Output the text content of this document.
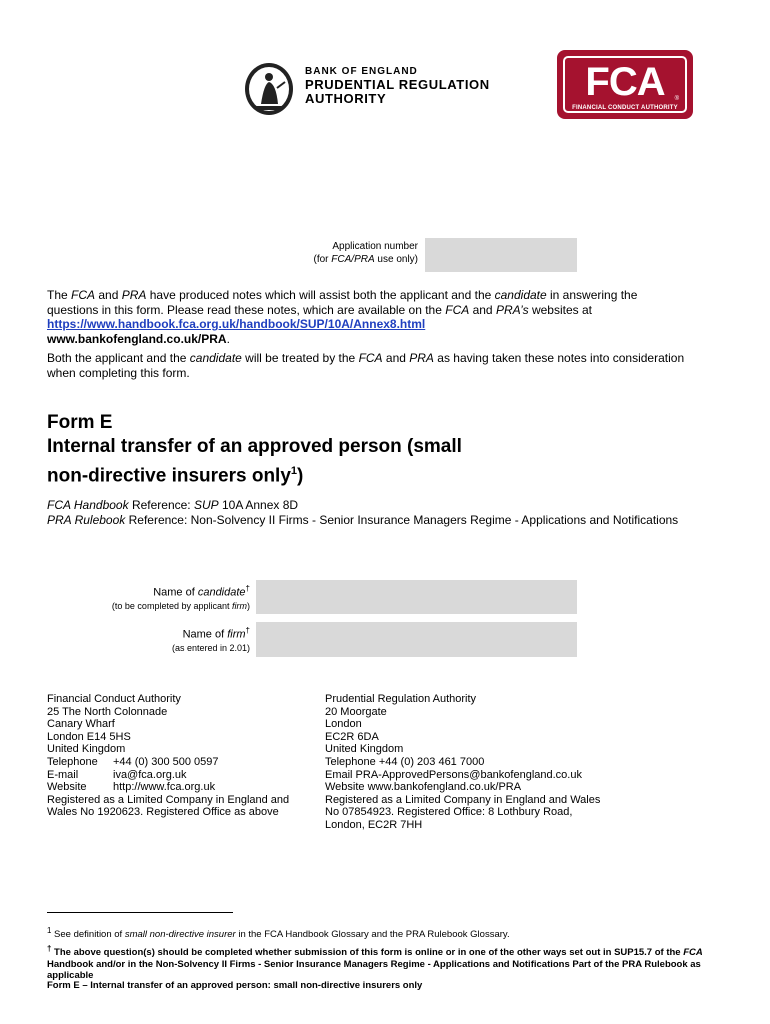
BANK OF ENGLAND
PRUDENTIAL REGULATION
AUTHORITY	FCA	®
FINANCIAL CONDUCT AUTHORITY
Application number
(for FCA/PRA use only)

The FCA and PRA have produced notes which will assist both the applicant and the candidate in answering the questions in this form. Please read these notes, which are available on the FCA and PRA’s websites at

https://www.handbook.fca.org.uk/handbook/SUP/10A/Annex8.html

www.bankofengland.co.uk/PRA.

Both the applicant and the candidate will be treated by the FCA and PRA as having taken these notes into consideration when completing this form.

Form E
Internal transfer of an approved person (small
non-directive insurers only$^1$)

FCA Handbook Reference: SUP 10A Annex 8D

PRA Rulebook Reference: Non-Solvency II Firms - Senior Insurance Managers Regime - Applications and Notifications

Name of candidate†
(to be completed by applicant firm)
Name of firm†
(as entered in 2.01)
Financial Conduct Authority
25 The North Colonnade
Canary Wharf
London E14 5HS
United Kingdom
Telephone +44 (0) 300 500 0597
E-mail	iva@fca.org.uk
Website http://www.fca.org.uk
Registered as a Limited Company in England and
Wales No 1920623. Registered Office as above
Prudential Regulation Authority
20 Moorgate
London
EC2R 6DA
United Kingdom
Telephone +44 (0) 203 461 7000
Email PRA-ApprovedPersons@bankofengland.co.uk
Website www.bankofengland.co.uk/PRA
Registered as a Limited Company in England and Wales
No 07854923. Registered Office: 8 Lothbury Road,
London, EC2R 7HH
$^1$ See definition of small non-directive insurer in the FCA Handbook Glossary and the PRA Rulebook Glossary.
† The above question(s) should be completed whether submission of this form is online or in one of the other ways set out in SUP15.7 of the FCA Handbook and/or in the Non-Solvency II Firms - Senior Insurance Managers Regime - Applications and Notifications Part of the PRA Rulebook as applicable
Form E – Internal transfer of an approved person: small non-directive insurers only
